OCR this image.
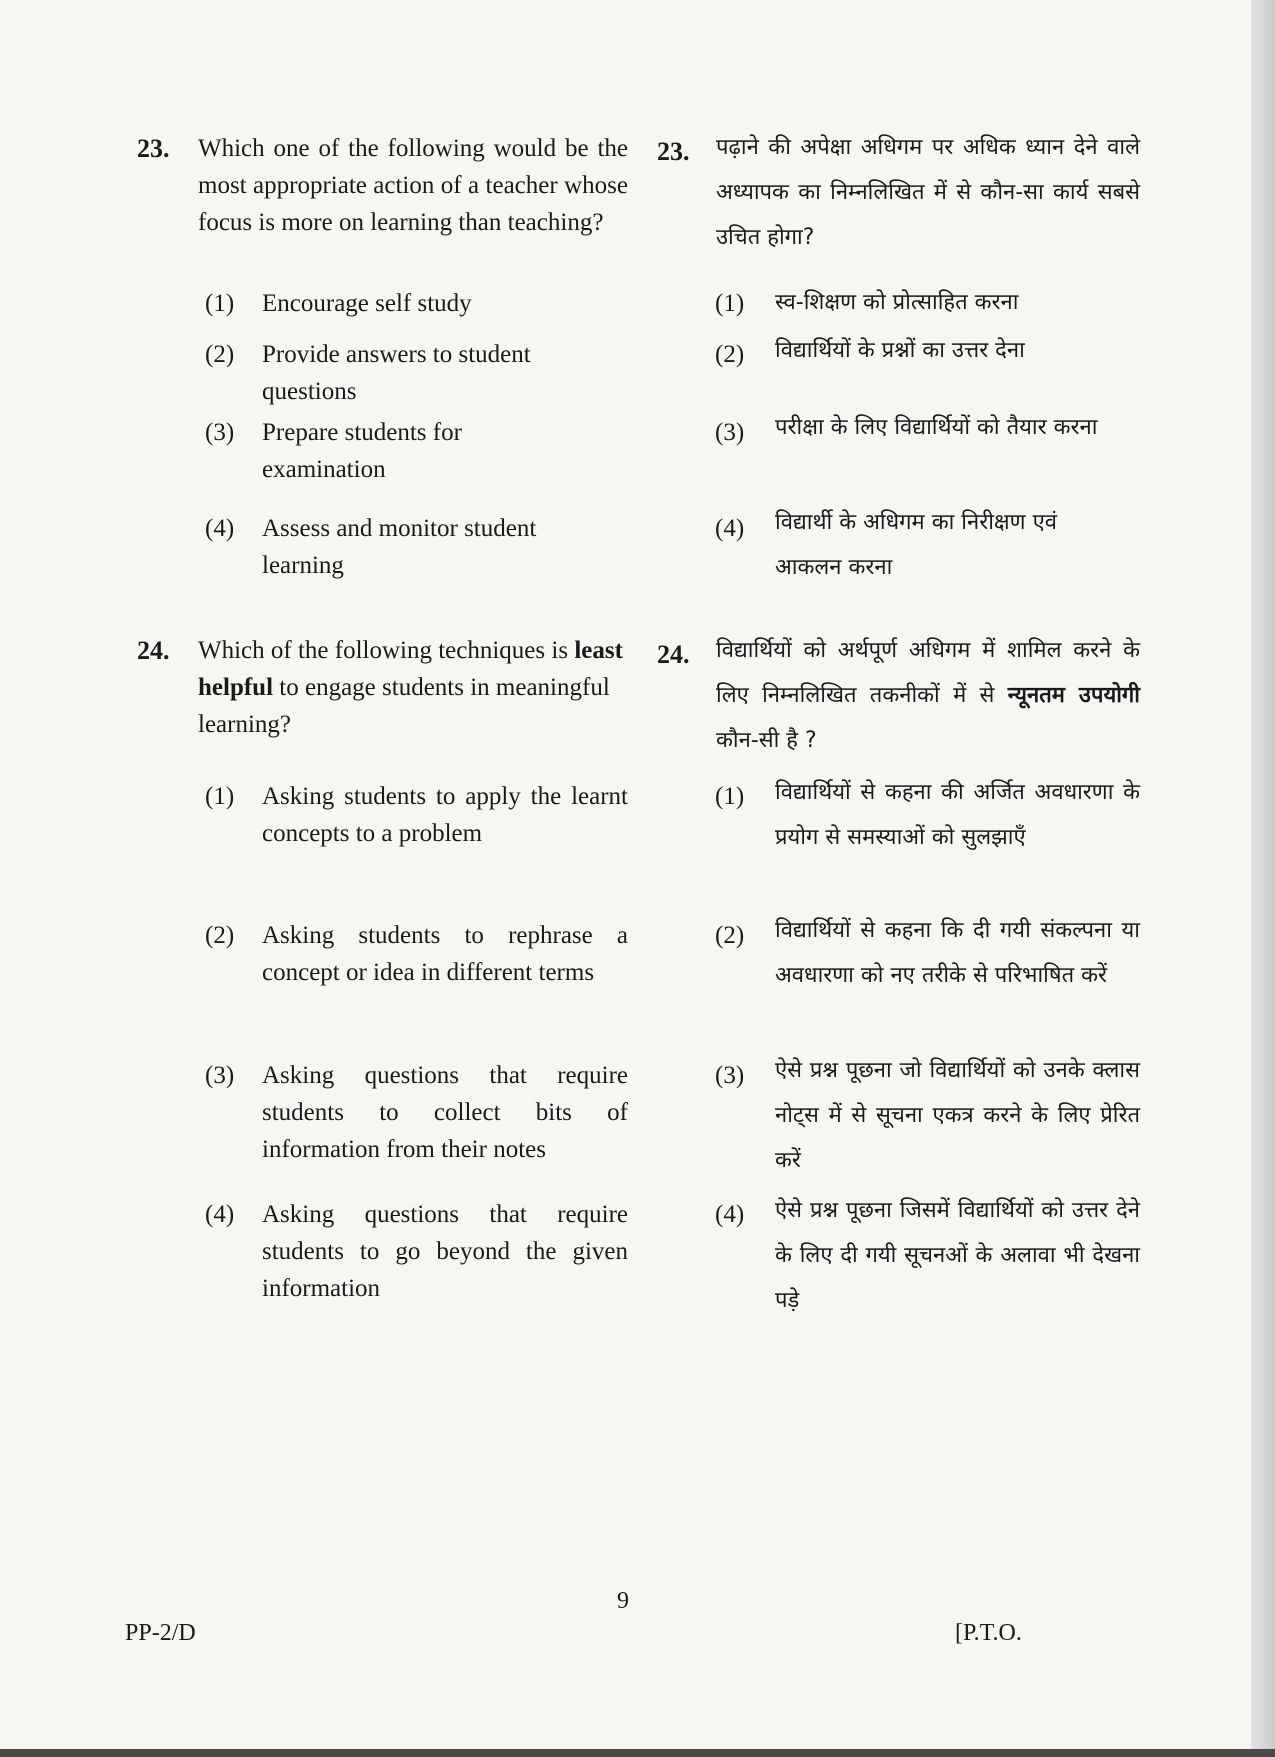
23. Which one of the following would be the most appropriate action of a teacher whose focus is more on learning than teaching?
(1) Encourage self study
(2) Provide answers to student questions
(3) Prepare students for examination
(4) Assess and monitor student learning
24. Which of the following techniques is least helpful to engage students in meaningful learning?
(1) Asking students to apply the learnt concepts to a problem
(2) Asking students to rephrase a concept or idea in different terms
(3) Asking questions that require students to collect bits of information from their notes
(4) Asking questions that require students to go beyond the given information
23. पढ़ाने की अपेक्षा अधिगम पर अधिक ध्यान देने वाले अध्यापक का निम्नलिखित में से कौन-सा कार्य सबसे उचित होगा?
(1) स्व-शिक्षण को प्रोत्साहित करना
(2) विद्यार्थियों के प्रश्नों का उत्तर देना
(3) परीक्षा के लिए विद्यार्थियों को तैयार करना
(4) विद्यार्थी के अधिगम का निरीक्षण एवं आकलन करना
24. विद्यार्थियों को अर्थपूर्ण अधिगम में शामिल करने के लिए निम्नलिखित तकनीकों में से न्यूनतम उपयोगी कौन-सी है ?
(1) विद्यार्थियों से कहना की अर्जित अवधारणा के प्रयोग से समस्याओं को सुलझाएँ
(2) विद्यार्थियों से कहना कि दी गयी संकल्पना या अवधारणा को नए तरीके से परिभाषित करें
(3) ऐसे प्रश्न पूछना जो विद्यार्थियों को उनके क्लास नोट्स में से सूचना एकत्र करने के लिए प्रेरित करें
(4) ऐसे प्रश्न पूछना जिसमें विद्यार्थियों को उत्तर देने के लिए दी गयी सूचनओं के अलावा भी देखना पड़े
9
PP-2/D	[P.T.O.
